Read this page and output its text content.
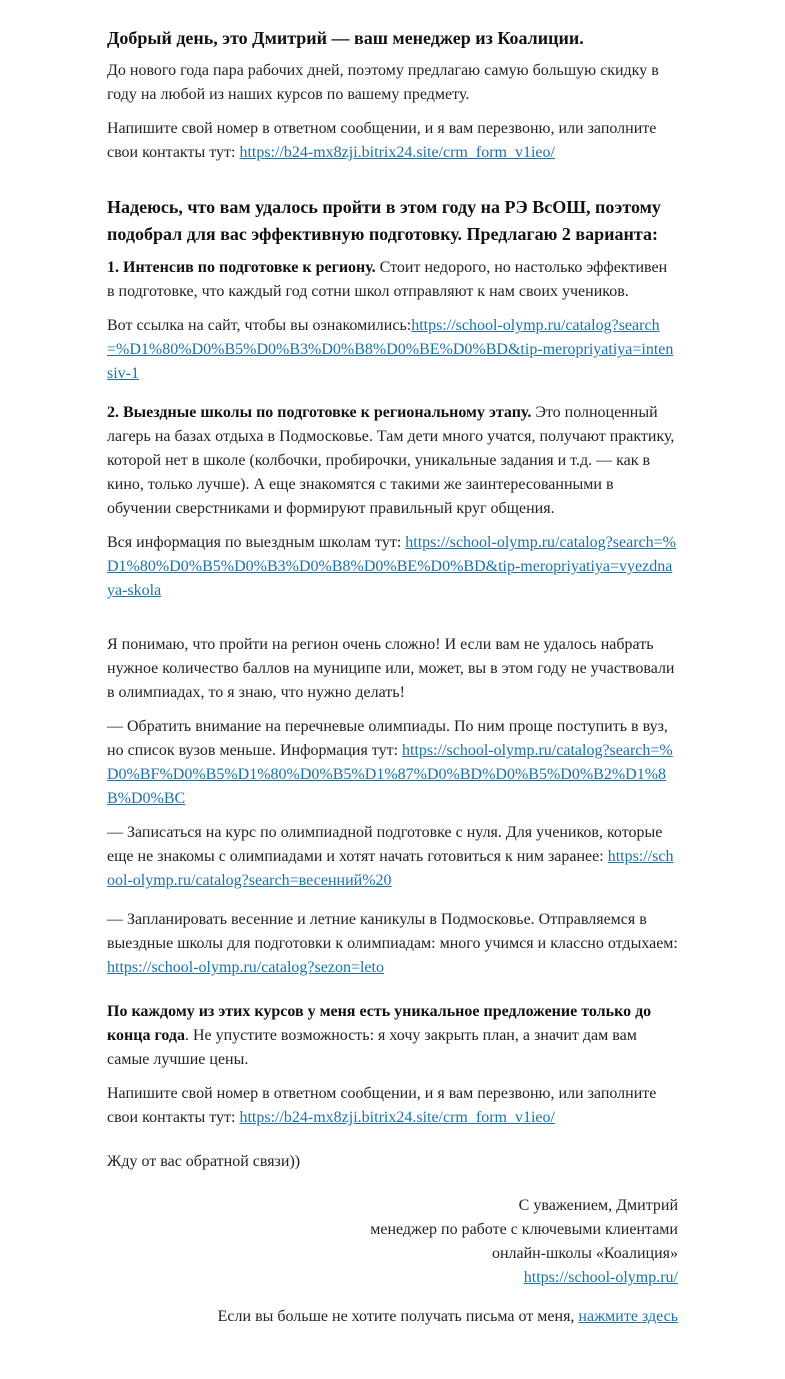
Добрый день, это Дмитрий — ваш менеджер из Коалиции.

До нового года пара рабочих дней, поэтому предлагаю самую большую скидку в году на любой из наших курсов по вашему предмету.

Напишите свой номер в ответном сообщении, и я вам перезвоню, или заполните свои контакты тут: https://b24-mx8zji.bitrix24.site/crm_form_v1ieo/

Надеюсь, что вам удалось пройти в этом году на РЭ ВсОШ, поэтому подобрал для вас эффективную подготовку. Предлагаю 2 варианта:

1. Интенсив по подготовке к региону. Стоит недорого, но настолько эффективен в подготовке, что каждый год сотни школ отправляют к нам своих учеников.

Вот ссылка на сайт, чтобы вы ознакомились:https://school-olymp.ru/catalog?search=%D1%80%D0%B5%D0%B3%D0%B8%D0%BE%D0%BD&tip-meropriyatiya=intensiv-1

2. Выездные школы по подготовке к региональному этапу. Это полноценный лагерь на базах отдыха в Подмосковье. Там дети много учатся, получают практику, которой нет в школе (колбочки, пробирочки, уникальные задания и т.д. — как в кино, только лучше). А еще знакомятся с такими же заинтересованными в обучении сверстниками и формируют правильный круг общения.

Вся информация по выездным школам тут: https://school-olymp.ru/catalog?search=%D1%80%D0%B5%D0%B3%D0%B8%D0%BE%D0%BD&tip-meropriyatiya=vyezdnaya-skola

Я понимаю, что пройти на регион очень сложно! И если вам не удалось набрать нужное количество баллов на муниципе или, может, вы в этом году не участвовали в олимпиадах, то я знаю, что нужно делать!

— Обратить внимание на перечневые олимпиады. По ним проще поступить в вуз, но список вузов меньше. Информация тут: https://school-olymp.ru/catalog?search=%D0%BF%D0%B5%D1%80%D0%B5%D1%87%D0%BD%D0%B5%D0%B2%D1%8B%D0%BC

— Записаться на курс по олимпиадной подготовке с нуля. Для учеников, которые еще не знакомы с олимпиадами и хотят начать готовиться к ним заранее: https://school-olymp.ru/catalog?search=весенний%20

— Запланировать весенние и летние каникулы в Подмосковье. Отправляемся в выездные школы для подготовки к олимпиадам: много учимся и классно отдыхаем: https://school-olymp.ru/catalog?sezon=leto

По каждому из этих курсов у меня есть уникальное предложение только до конца года. Не упустите возможность: я хочу закрыть план, а значит дам вам самые лучшие цены.

Напишите свой номер в ответном сообщении, и я вам перезвоню, или заполните свои контакты тут: https://b24-mx8zji.bitrix24.site/crm_form_v1ieo/

Жду от вас обратной связи))

С уважением, Дмитрий
менеджер по работе с ключевыми клиентами
онлайн-школы «Коалиция»
https://school-olymp.ru/
Если вы больше не хотите получать письма от меня, нажмите здесь
